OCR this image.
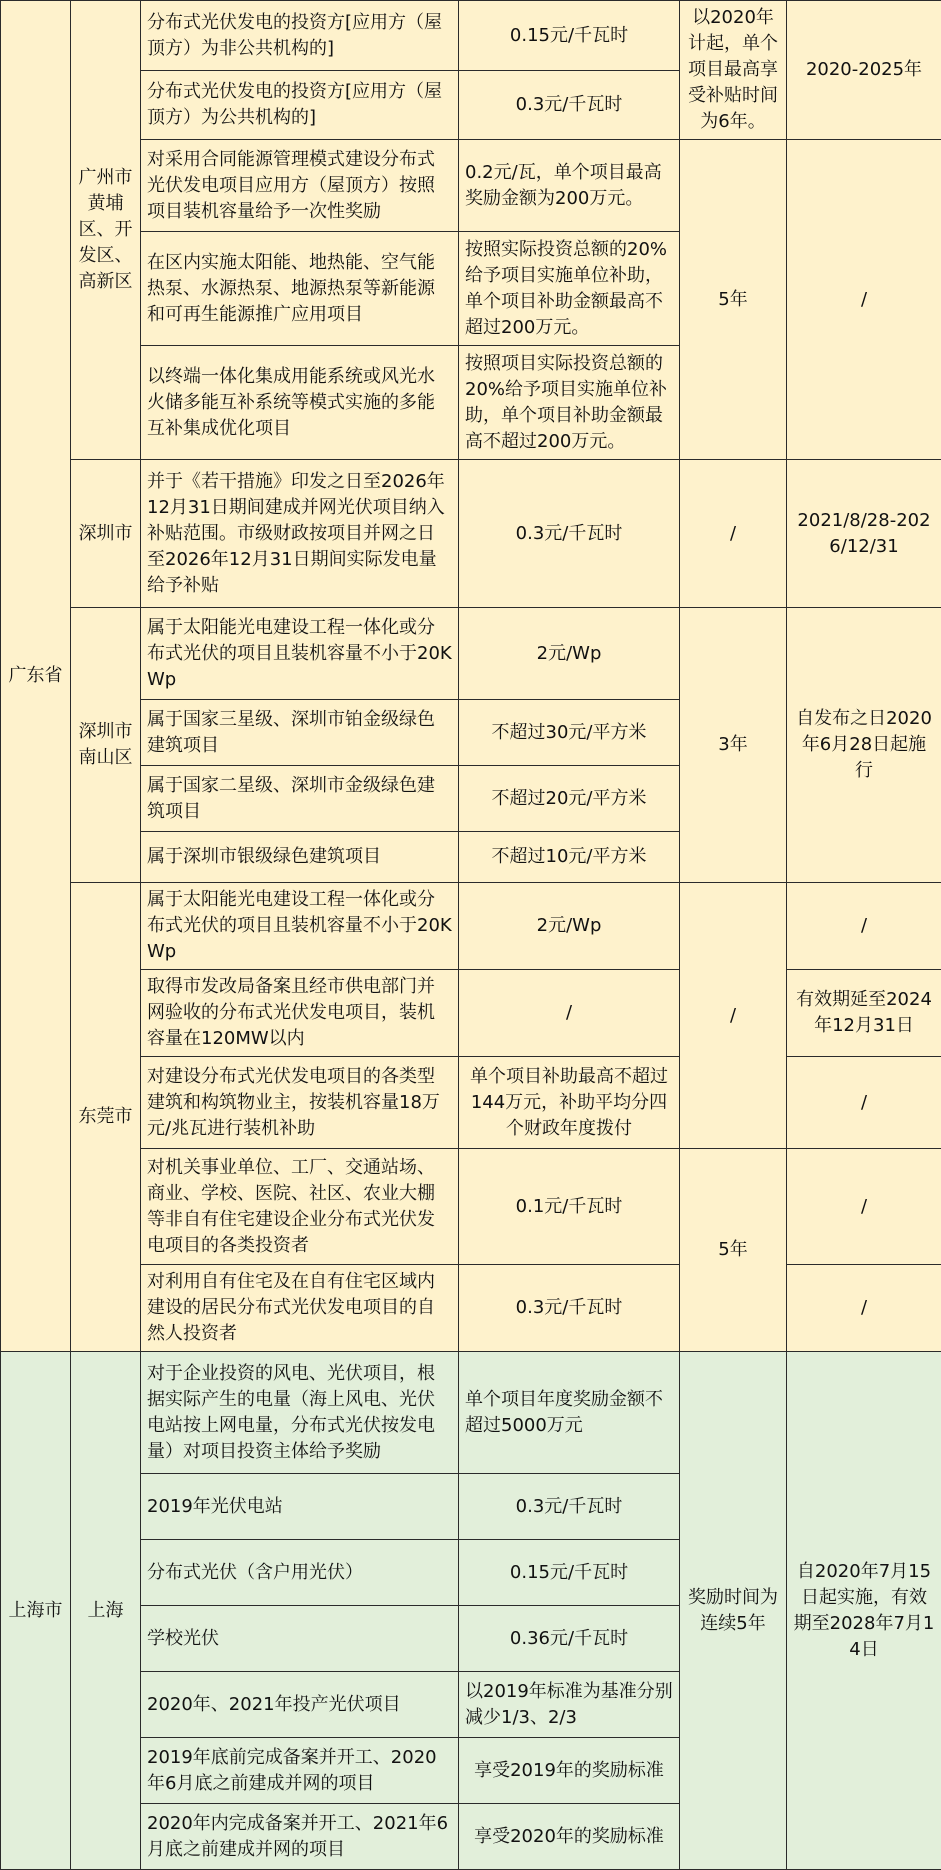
广东省	广州市黄埔区、开发区、高新区	分布式光伏发电的投资方[应用方（屋顶方）为非公共机构的]	0.15元/千瓦时	以2020年计起，单个项目最高享受补贴时间为6年。	2020-2025年
		分布式光伏发电的投资方[应用方（屋顶方）为公共机构的]	0.3元/千瓦时		
		对采用合同能源管理模式建设分布式光伏发电项目应用方（屋顶方）按照项目装机容量给予一次性奖励	0.2元/瓦，单个项目最高奖励金额为200万元。	5年	/
		在区内实施太阳能、地热能、空气能热泵、水源热泵、地源热泵等新能源和可再生能源推广应用项目	按照实际投资总额的20%给予项目实施单位补助，单个项目补助金额最高不超过200万元。		

		以终端一体化集成用能系统或风光水火储多能互补系统等模式实施的多能互补集成优化项目	按照项目实际投资总额的20%给予项目实施单位补助，单个项目补助金额最高不超过200万元。		

	深圳市	并于《若干措施》印发之日至2026年12月31日期间建成并网光伏项目纳入补贴范围。市级财政按项目并网之日至2026年12月31日期间实际发电量给予补贴	0.3元/千瓦时	/	2021/8/28-2026/12/31

	深圳市南山区	属于太阳能光电建设工程一体化或分布式光伏的项目且装机容量不小于20KWp	2元/Wp	3年	自发布之日2020年6月28日起施行
		属于国家三星级、深圳市铂金级绿色建筑项目	不超过30元/平方米		
		属于国家二星级、深圳市金级绿色建筑项目	不超过20元/平方米		
		属于深圳市银级绿色建筑项目	不超过10元/平方米		
	东莞市	属于太阳能光电建设工程一体化或分布式光伏的项目且装机容量不小于20KWp	2元/Wp	/	/

		取得市发改局备案且经市供电部门并网验收的分布式光伏发电项目，装机容量在120MW以内	/		有效期延至2024年12月31日

		对建设分布式光伏发电项目的各类型建筑和构筑物业主，按装机容量18万元/兆瓦进行装机补助	单个项目补助最高不超过144万元，补助平均分四个财政年度拨付		/

		对机关事业单位、工厂、交通站场、商业、学校、医院、社区、农业大棚等非自有住宅建设企业分布式光伏发电项目的各类投资者	0.1元/千瓦时	5年	/

		对利用自有住宅及在自有住宅区域内建设的居民分布式光伏发电项目的自然人投资者	0.3元/千瓦时		/

上海市	上海	对于企业投资的风电、光伏项目，根据实际产生的电量（海上风电、光伏电站按上网电量，分布式光伏按发电量）对项目投资主体给予奖励	单个项目年度奖励金额不超过5000万元	奖励时间为连续5年	自2020年7月15日起实施，有效期至2028年7月14日
		2019年光伏电站	0.3元/千瓦时		
		分布式光伏（含户用光伏）	0.15元/千瓦时		
		学校光伏	0.36元/千瓦时		
		2020年、2021年投产光伏项目	以2019年标准为基准分别减少1/3、2/3		
		2019年底前完成备案并开工、2020年6月底之前建成并网的项目	享受2019年的奖励标准		
		2020年内完成备案并开工、2021年6月底之前建成并网的项目	享受2020年的奖励标准		
